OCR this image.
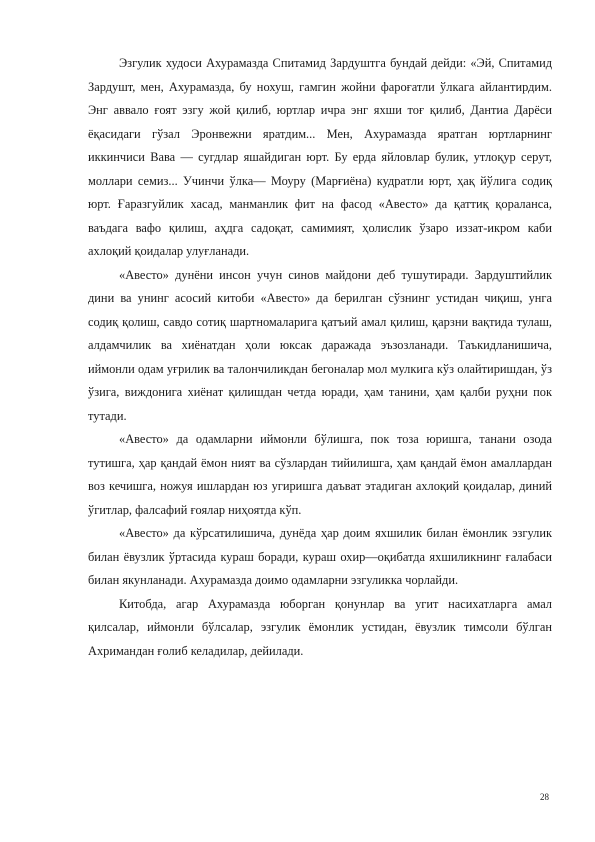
Эзгулик худоси Ахурамазда Спитамид Зардуштга бундай дейди: «Эй, Спитамид Зардушт, мен, Ахурамазда, бу нохуш, гамгин жойни фароғатли ўлкага айлантирдим. Энг аввало ғоят эзгу жой қилиб, юртлар ичра энг яхши тоғ қилиб, Дантиа Дарёси ёқасидаги гўзал Эронвежни яратдим... Мен, Ахурамазда яратган юртларнинг иккинчиси Вава — сугдлар яшайдиган юрт. Бу ерда яйловлар булик, утлоқур серут, моллари семиз... Учинчи ўлка— Моуру (Марғиёна) кудратли юрт, ҳақ йўлига содиқ юрт. Ғаразгуйлик хасад, манманлик фит на фасод «Авесто» да қаттиқ қораланса, ваъдага вафо қилиш, аҳдга садоқат, самимият, ҳолислик ўзаро иззат-икром каби ахлоқий қоидалар улуғланади.

«Авесто» дунёни инсон учун синов майдони деб тушутиради. Зардуштийлик дини ва унинг асосий китоби «Авесто» да берилган сўзнинг устидан чиқиш, унга содиқ қолиш, савдо сотиқ шартномаларига қатъий амал қилиш, қарзни вақтида тулаш, алдамчилик ва хиёнатдан ҳоли юксак даражада эъзозланади. Таъкидланишича, иймонли одам уғрилик ва талончиликдан бегоналар мол мулкига кўз олайтиришдан, ўз ўзига, виждонига хиёнат қилишдан четда юради, ҳам танини, ҳам қалби руҳни пок тутади.

«Авесто» да одамларни иймонли бўлишга, пок тоза юришга, танани озода тутишга, ҳар қандай ёмон ният ва сўзлардан тийилишга, ҳам қандай ёмон амаллардан воз кечишга, ножуя ишлардан юз угиришга даъват этадиган ахлоқий қоидалар, диний ўгитлар, фалсафий ғоялар ниҳоятда кўп.

«Авесто» да кўрсатилишича, дунёда ҳар доим яхшилик билан ёмонлик эзгулик билан ёвузлик ўртасида кураш боради, кураш охир—оқибатда яхшиликнинг ғалабаси билан якунланади. Ахурамазда доимо одамларни эзгуликка чорлайди.

Китобда, агар Ахурамазда юборган қонунлар ва угит насихатларга амал қилсалар, иймонли бўлсалар, эзгулик ёмонлик устидан, ёвузлик тимсоли бўлган Ахримандан ғолиб келадилар, дейилади.

28
